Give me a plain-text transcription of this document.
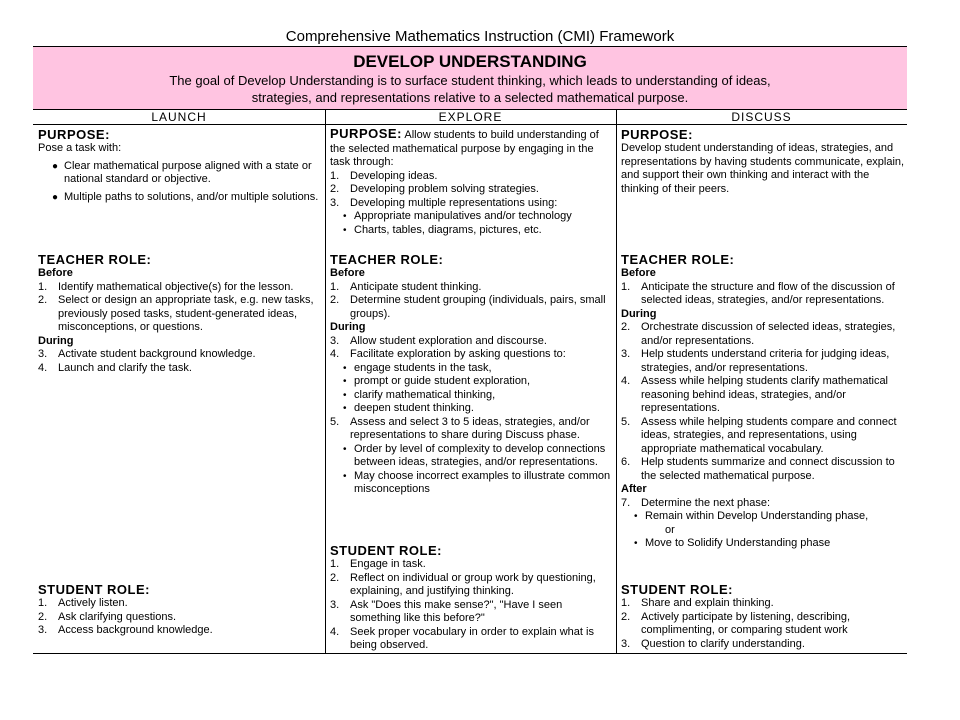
Comprehensive Mathematics Instruction (CMI) Framework
DEVELOP UNDERSTANDING
The goal of Develop Understanding is to surface student thinking, which leads to understanding of ideas,
strategies, and representations relative to a selected mathematical purpose.
LAUNCH	EXPLORE	DISCUSS
PURPOSE:
Pose a task with:
● Clear mathematical purpose aligned with a state or national standard or objective.
● Multiple paths to solutions, and/or multiple solutions.
TEACHER ROLE:
Before
1. Identify mathematical objective(s) for the lesson.
2. Select or design an appropriate task, e.g. new tasks, previously posed tasks, student-generated ideas, misconceptions, or questions.
During
3. Activate student background knowledge.
4. Launch and clarify the task.
STUDENT ROLE:
1. Actively listen.
2. Ask clarifying questions.
3. Access background knowledge.
PURPOSE: Allow students to build understanding of the selected mathematical purpose by engaging in the task through:
1. Developing ideas.
2. Developing problem solving strategies.
3. Developing multiple representations using:
• Appropriate manipulatives and/or technology
• Charts, tables, diagrams, pictures, etc.
TEACHER ROLE:
Before
1. Anticipate student thinking.
2. Determine student grouping (individuals, pairs, small groups).
During
3. Allow student exploration and discourse.
4. Facilitate exploration by asking questions to:
• engage students in the task,
• prompt or guide student exploration,
• clarify mathematical thinking,
• deepen student thinking.
5. Assess and select 3 to 5 ideas, strategies, and/or representations to share during Discuss phase.
• Order by level of complexity to develop connections between ideas, strategies, and/or representations.
• May choose incorrect examples to illustrate common misconceptions
STUDENT ROLE:
1. Engage in task.
2. Reflect on individual or group work by questioning, explaining, and justifying thinking.
3. Ask "Does this make sense?", "Have I seen something like this before?"
4. Seek proper vocabulary in order to explain what is being observed.
PURPOSE:
Develop student understanding of ideas, strategies, and representations by having students communicate, explain, and support their own thinking and interact with the thinking of their peers.
TEACHER ROLE:
Before
1. Anticipate the structure and flow of the discussion of selected ideas, strategies, and/or representations.
During
2. Orchestrate discussion of selected ideas, strategies, and/or representations.
3. Help students understand criteria for judging ideas, strategies, and/or representations.
4. Assess while helping students clarify mathematical reasoning behind ideas, strategies, and/or representations.
5. Assess while helping students compare and connect ideas, strategies, and representations, using appropriate mathematical vocabulary.
6. Help students summarize and connect discussion to the selected mathematical purpose.
After
7. Determine the next phase:
• Remain within Develop Understanding phase,
or
• Move to Solidify Understanding phase
STUDENT ROLE:
1. Share and explain thinking.
2. Actively participate by listening, describing, complimenting, or comparing student work
3. Question to clarify understanding.
